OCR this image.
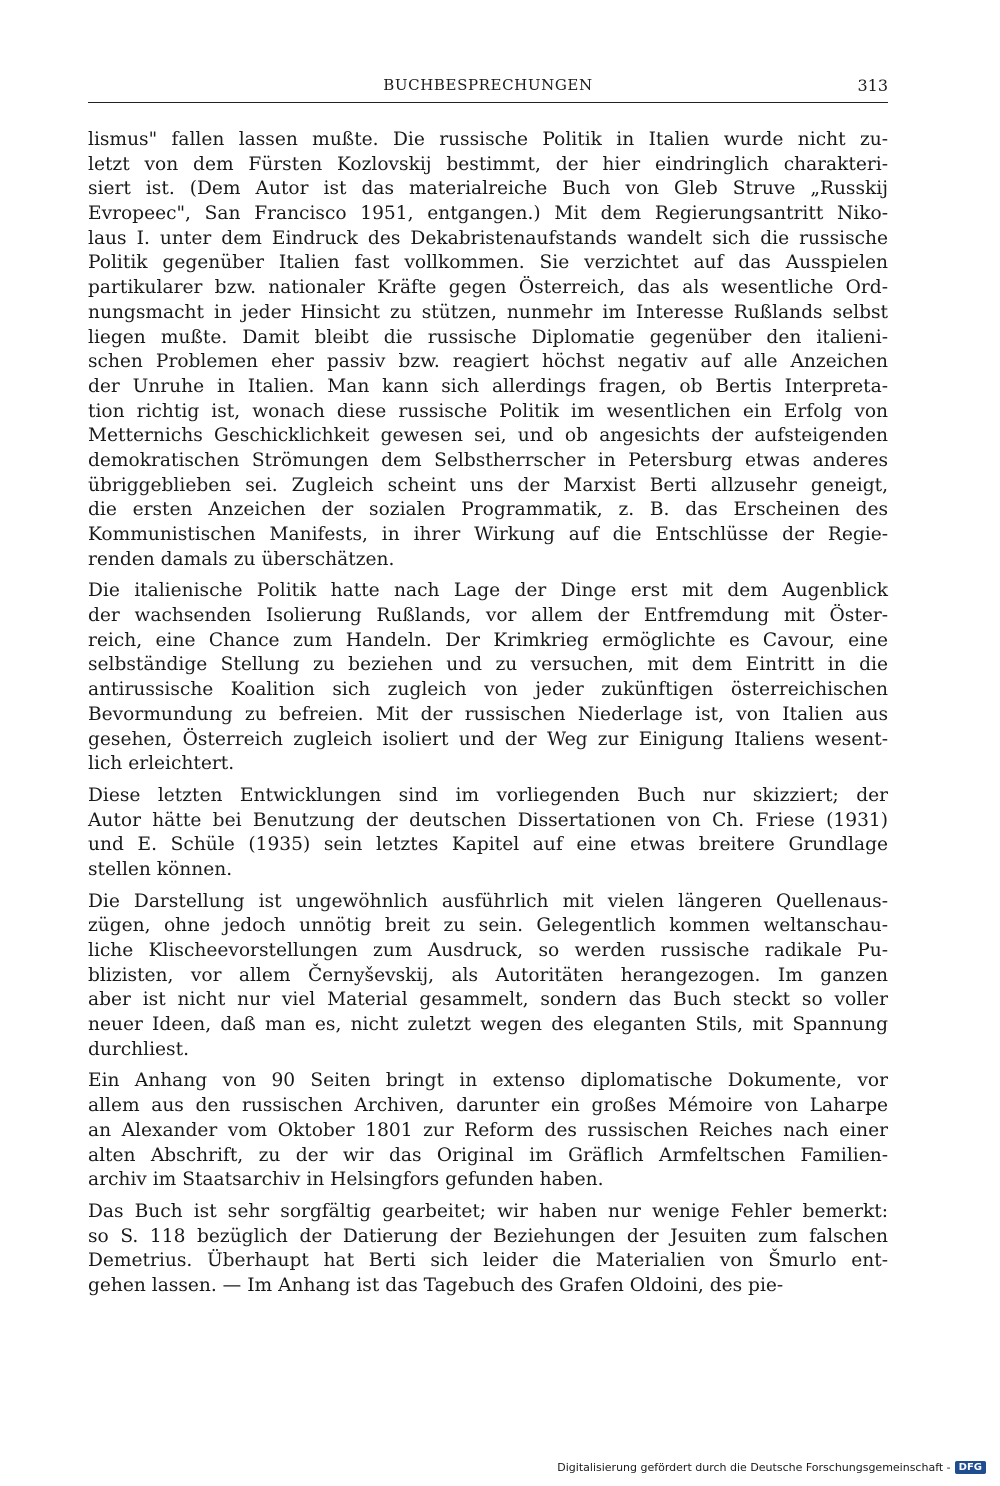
BUCHBESPRECHUNGEN	313
lismus" fallen lassen mußte. Die russische Politik in Italien wurde nicht zu-
letzt von dem Fürsten Kozlovskij bestimmt, der hier eindringlich charakteri-
siert ist. (Dem Autor ist das materialreiche Buch von Gleb Struve „Russkij
Evropeec", San Francisco 1951, entgangen.) Mit dem Regierungsantritt Niko-
laus I. unter dem Eindruck des Dekabristenaufstands wandelt sich die russische
Politik gegenüber Italien fast vollkommen. Sie verzichtet auf das Ausspielen
partikularer bzw. nationaler Kräfte gegen Österreich, das als wesentliche Ord-
nungsmacht in jeder Hinsicht zu stützen, nunmehr im Interesse Rußlands selbst
liegen mußte. Damit bleibt die russische Diplomatie gegenüber den italieni-
schen Problemen eher passiv bzw. reagiert höchst negativ auf alle Anzeichen
der Unruhe in Italien. Man kann sich allerdings fragen, ob Bertis Interpreta-
tion richtig ist, wonach diese russische Politik im wesentlichen ein Erfolg von
Metternichs Geschicklichkeit gewesen sei, und ob angesichts der aufsteigenden
demokratischen Strömungen dem Selbstherrscher in Petersburg etwas anderes
übriggeblieben sei. Zugleich scheint uns der Marxist Berti allzusehr geneigt,
die ersten Anzeichen der sozialen Programmatik, z. B. das Erscheinen des
Kommunistischen Manifests, in ihrer Wirkung auf die Entschlüsse der Regie-
renden damals zu überschätzen.
Die italienische Politik hatte nach Lage der Dinge erst mit dem Augenblick
der wachsenden Isolierung Rußlands, vor allem der Entfremdung mit Öster-
reich, eine Chance zum Handeln. Der Krimkrieg ermöglichte es Cavour, eine
selbständige Stellung zu beziehen und zu versuchen, mit dem Eintritt in die
antirussische Koalition sich zugleich von jeder zukünftigen österreichischen
Bevormundung zu befreien. Mit der russischen Niederlage ist, von Italien aus
gesehen, Österreich zugleich isoliert und der Weg zur Einigung Italiens wesent-
lich erleichtert.
Diese letzten Entwicklungen sind im vorliegenden Buch nur skizziert; der
Autor hätte bei Benutzung der deutschen Dissertationen von Ch. Friese (1931)
und E. Schüle (1935) sein letztes Kapitel auf eine etwas breitere Grundlage
stellen können.
Die Darstellung ist ungewöhnlich ausführlich mit vielen längeren Quellenaus-
zügen, ohne jedoch unnötig breit zu sein. Gelegentlich kommen weltanschau-
liche Klischeevorstellungen zum Ausdruck, so werden russische radikale Pu-
blizisten, vor allem Černyševskij, als Autoritäten herangezogen. Im ganzen
aber ist nicht nur viel Material gesammelt, sondern das Buch steckt so voller
neuer Ideen, daß man es, nicht zuletzt wegen des eleganten Stils, mit Spannung
durchliest.
Ein Anhang von 90 Seiten bringt in extenso diplomatische Dokumente, vor
allem aus den russischen Archiven, darunter ein großes Mémoire von Laharpe
an Alexander vom Oktober 1801 zur Reform des russischen Reiches nach einer
alten Abschrift, zu der wir das Original im Gräflich Armfeltschen Familien-
archiv im Staatsarchiv in Helsingfors gefunden haben.
Das Buch ist sehr sorgfältig gearbeitet; wir haben nur wenige Fehler bemerkt:
so S. 118 bezüglich der Datierung der Beziehungen der Jesuiten zum falschen
Demetrius. Überhaupt hat Berti sich leider die Materialien von Šmurlo ent-
gehen lassen. — Im Anhang ist das Tagebuch des Grafen Oldoini, des pie-
Digitalisierung gefördert durch die Deutsche Forschungsgemeinschaft - DFG
